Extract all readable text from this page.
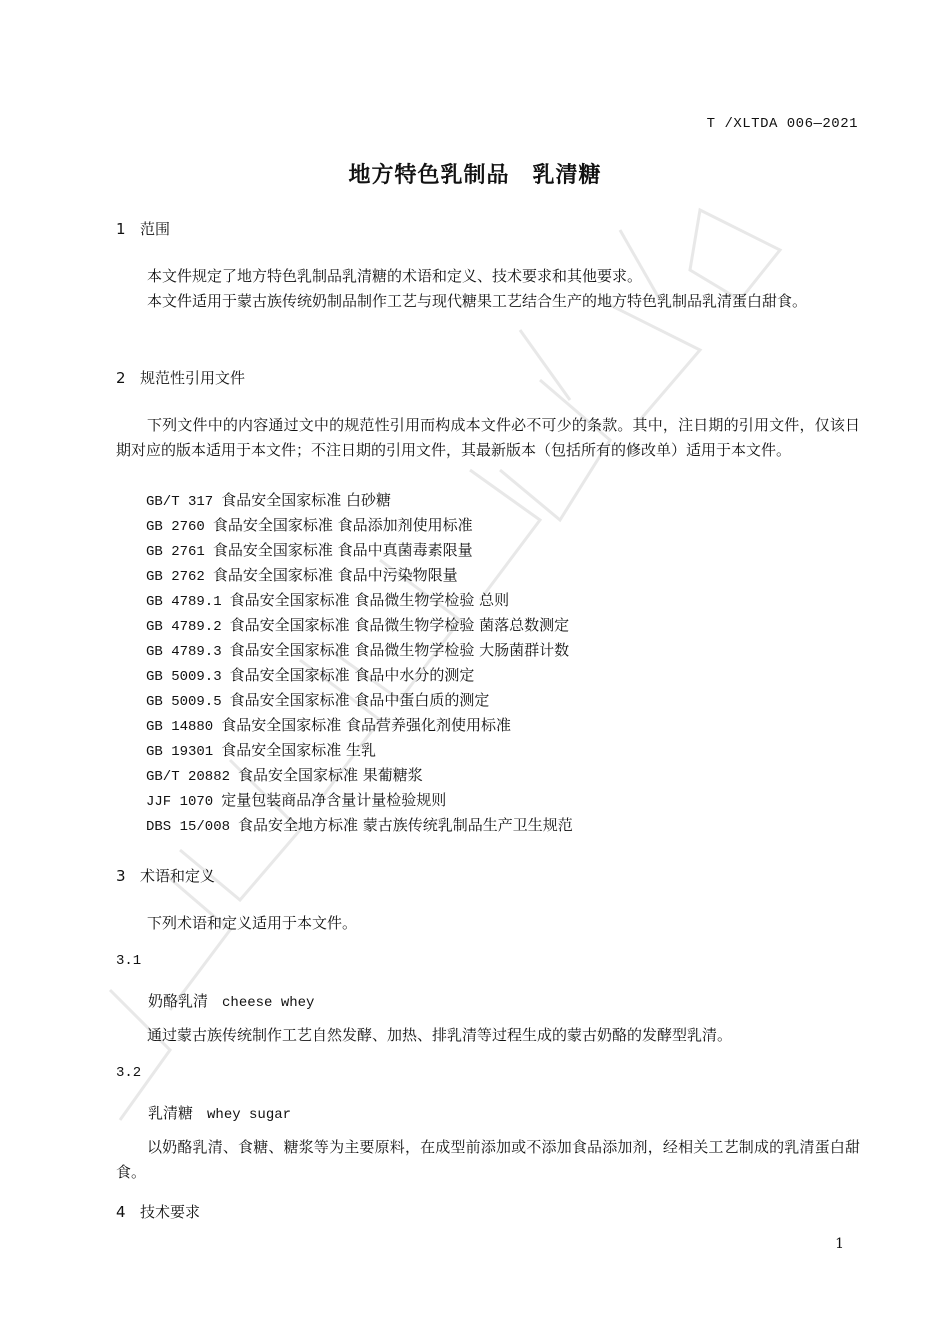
T /XLTDA 006—2021
地方特色乳制品　乳清糖
1 范围
本文件规定了地方特色乳制品乳清糖的术语和定义、技术要求和其他要求。
本文件适用于蒙古族传统奶制品制作工艺与现代糖果工艺结合生产的地方特色乳制品乳清蛋白甜食。
2 规范性引用文件
下列文件中的内容通过文中的规范性引用而构成本文件必不可少的条款。其中，注日期的引用文件，仅该日期对应的版本适用于本文件；不注日期的引用文件，其最新版本（包括所有的修改单）适用于本文件。
GB/T 317 食品安全国家标准 白砂糖
GB 2760 食品安全国家标准 食品添加剂使用标准
GB 2761 食品安全国家标准 食品中真菌毒素限量
GB 2762 食品安全国家标准 食品中污染物限量
GB 4789.1 食品安全国家标准 食品微生物学检验 总则
GB 4789.2 食品安全国家标准 食品微生物学检验 菌落总数测定
GB 4789.3 食品安全国家标准 食品微生物学检验 大肠菌群计数
GB 5009.3 食品安全国家标准 食品中水分的测定
GB 5009.5 食品安全国家标准 食品中蛋白质的测定
GB 14880 食品安全国家标准 食品营养强化剂使用标准
GB 19301 食品安全国家标准 生乳
GB/T 20882 食品安全国家标准 果葡糖浆
JJF 1070 定量包装商品净含量计量检验规则
DBS 15/008 食品安全地方标准 蒙古族传统乳制品生产卫生规范
3 术语和定义
下列术语和定义适用于本文件。
3.1
奶酪乳清 cheese whey
通过蒙古族传统制作工艺自然发酵、加热、排乳清等过程生成的蒙古奶酪的发酵型乳清。
3.2
乳清糖 whey sugar
以奶酪乳清、食糖、糖浆等为主要原料，在成型前添加或不添加食品添加剂，经相关工艺制成的乳清蛋白甜食。
4 技术要求
1
